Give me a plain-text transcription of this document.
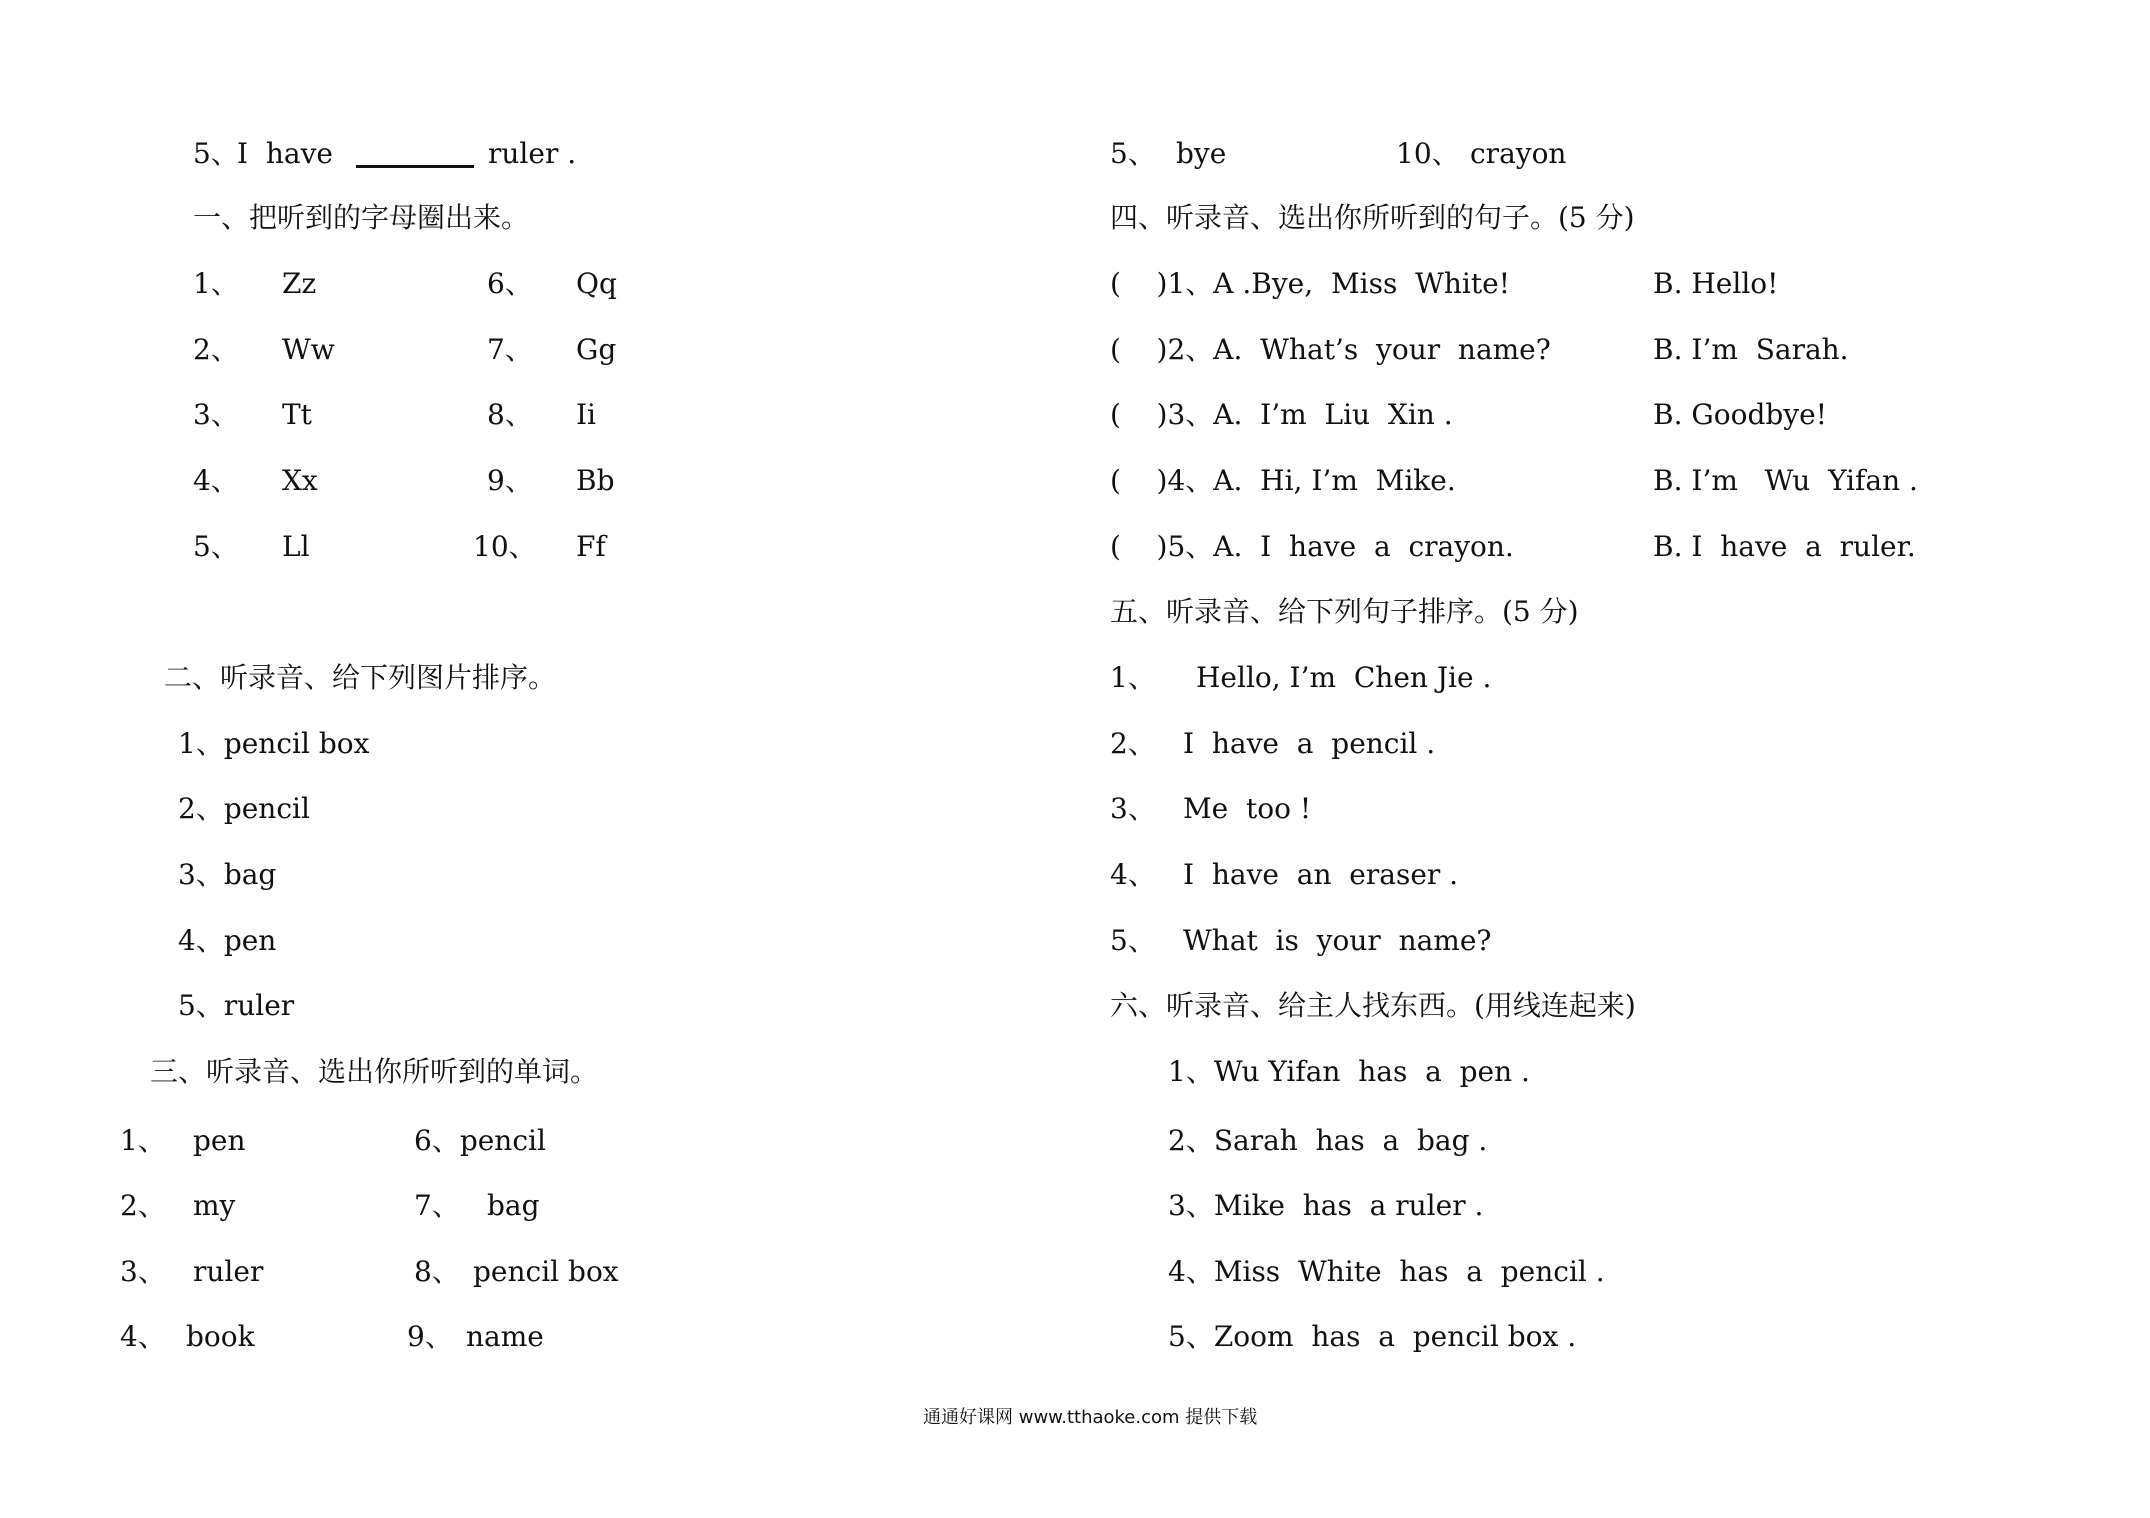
5、
I  have	ruler .
一、把听到的字母圈出来。
1、 Zz	6、 Qq
2、 Ww	7、 Gg
3、 Tt	8、 Ii
4、 Xx	9、 Bb
5、 Ll	10、 Ff
二、听录音、给下列图片排序。
1、pencil box
2、pencil
3、bag
4、pen
5、ruler
三、听录音、选出你所听到的单词。
1、 pen	6、pencil
2、 my	7、 bag
3、 ruler	8、 pencil box
4、 book	9、 name
5、 bye	10、 crayon
四、听录音、选出你所听到的句子。(5 分)
(    )1、A .Bye,  Miss  White!	B. Hello!
(    )2、A.  What’s  your  name?	B. I’m  Sarah.
(    )3、A.  I’m  Liu  Xin .	B. Goodbye!
(    )4、A.  Hi, I’m  Mike.	B. I’m   Wu  Yifan .
(    )5、A.  I  have  a  crayon.	B. I  have  a  ruler.
五、听录音、给下列句子排序。(5 分)
1、 Hello, I’m  Chen Jie .
2、 I  have  a  pencil .
3、 Me  too !
4、 I  have  an  eraser .
5、 What  is  your  name?
六、听录音、给主人找东西。(用线连起来)
1、Wu Yifan  has  a  pen .
2、Sarah  has  a  bag .
3、Mike  has  a ruler .
4、Miss  White  has  a  pencil .
5、Zoom  has  a  pencil box .
通通好课网 www.tthaoke.com 提供下载
